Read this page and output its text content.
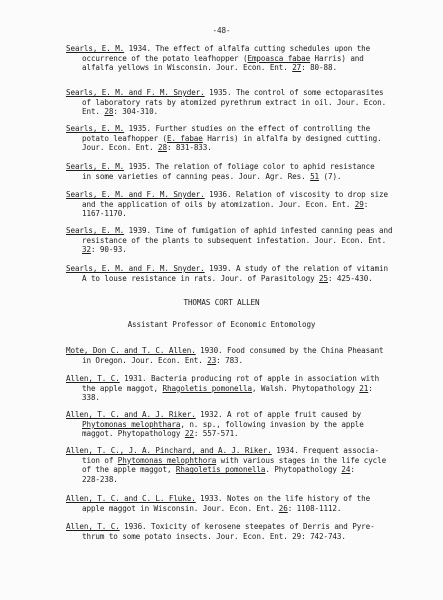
-48-
Searls, E. M. 1934. The effect of alfalfa cutting schedules upon the
occurrence of the potato leafhopper (Empoasca fabae Harris) and
alfalfa yellows in Wisconsin. Jour. Econ. Ent. 27: 80-88.
Searls, E. M. and F. M. Snyder. 1935. The control of some ectoparasites
of laboratory rats by atomized pyrethrum extract in oil. Jour. Econ.
Ent. 28: 304-310.
Searls, E. M. 1935. Further studies on the effect of controlling the
potato leafhopper (E. fabae Harris) in alfalfa by designed cutting.
Jour. Econ. Ent. 28: 831-833.
Searls, E. M. 1935. The relation of foliage color to aphid resistance
in some varieties of canning peas. Jour. Agr. Res. 51 (7).
Searls, E. M. and F. M. Snyder. 1936. Relation of viscosity to drop size
and the application of oils by atomization. Jour. Econ. Ent. 29:
1167-1170.
Searls, E. M. 1939. Time of fumigation of aphid infested canning peas and
resistance of the plants to subsequent infestation. Jour. Econ. Ent.
32: 90-93.
Searls, E. M. and F. M. Snyder. 1939. A study of the relation of vitamin
A to louse resistance in rats. Jour. of Parasitology 25: 425-430.
THOMAS CORT ALLEN
Assistant Professor of Economic Entomology
Mote, Don C. and T. C. Allen. 1930. Food consumed by the China Pheasant
in Oregon. Jour. Econ. Ent. 23: 783.
Allen, T. C. 1931. Bacteria producing rot of apple in association with
the apple maggot, Rhagoletis pomonella, Walsh. Phytopathology 21:
338.
Allen, T. C. and A. J. Riker. 1932. A rot of apple fruit caused by
Phytomonas melophthara, n. sp., following invasion by the apple
maggot. Phytopathology 22: 557-571.
Allen, T. C., J. A. Pinchard, and A. J. Riker. 1934. Frequent associa-
tion of Phytomonas melophthora with various stages in the life cycle
of the apple maggot, Rhagoletis pomonella. Phytopathology 24:
228-238.
Allen, T. C. and C. L. Fluke. 1933. Notes on the life history of the
apple maggot in Wisconsin. Jour. Econ. Ent. 26: 1108-1112.
Allen, T. C. 1936. Toxicity of kerosene steepates of Derris and Pyre-
thrum to some potato insects. Jour. Econ. Ent. 29: 742-743.
